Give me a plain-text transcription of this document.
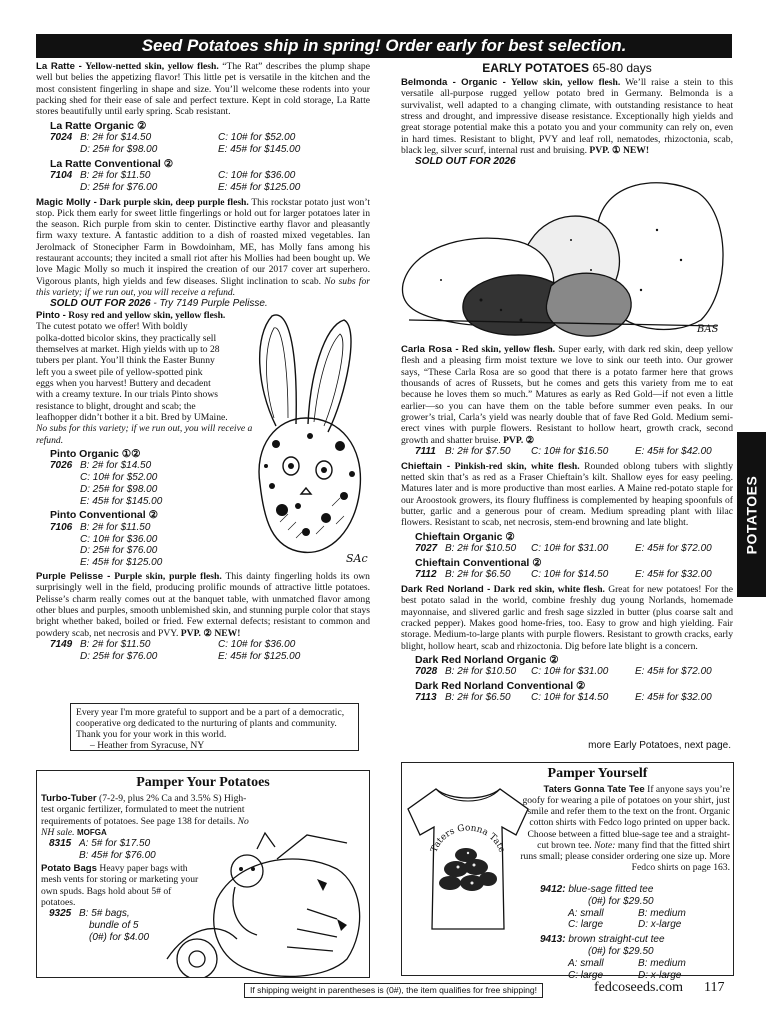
Seed Potatoes ship in spring! Order early for best selection.

La Ratte - Yellow-netted skin, yellow flesh. “The Rat” describes the plump shape well but belies the appetizing flavor! This little pet is versatile in the kitchen and the most consistent fingerling in shape and size. You’ll welcome these rodents into your packing shed for their ease of sale and perfect texture. Kept in cold storage, La Ratte stores beautifully until early spring. Scab resistant.

La Ratte Organic ②
7024 B: 2# for $14.50	C: 10# for $52.00
D: 25# for $98.00	E: 45# for $145.00
La Ratte Conventional ②
7104 B: 2# for $11.50	C: 10# for $36.00
D: 25# for $76.00	E: 45# for $125.00

Magic Molly - Dark purple skin, deep purple flesh. This rockstar potato just won’t stop. Pick them early for sweet little fingerlings or hold out for larger potatoes later in the season. Rich purple from skin to center. Distinctive earthy flavor and pleasantly firm waxy texture. A fantastic addition to a dish of roasted mixed vegetables. Ian Jerolmack of Stonecipher Farm in Bowdoinham, ME, has Molly fans among his restaurant accounts; they incited a small riot after his Mollies had been bought up. We love Magic Molly so much it inspired the creation of our 2017 cover art superhero. Vigorous plants, high yields and few diseases. Slight inclination to scab. No subs for this variety; if we run out, you will receive a refund.

SOLD OUT FOR 2026 - Try 7149 Purple Pelisse.
Pinto - Rosy red and yellow skin, yellow flesh.
The cutest potato we offer! With boldly
polka-dotted bicolor skins, they practically sell
themselves at market. High yields with up to 28
tubers per plant. You’ll think the Easter Bunny
left you a sweet pile of yellow-spotted pink
eggs when you harvest! Buttery and decadent
with a creamy texture. In our trials Pinto shows
resistance to blight, drought and scab; the
leafhopper didn’t bother it a bit. Bred by UMaine.
No subs for this variety; if we run out, you will receive a refund.
Pinto Organic ①②
7026 B: 2# for $14.50
C: 10# for $52.00
D: 25# for $98.00
E: 45# for $145.00
Pinto Conventional ②
7106 B: 2# for $11.50
C: 10# for $36.00
D: 25# for $76.00
E: 45# for $125.00	SAc

Purple Pelisse - Purple skin, purple flesh. This dainty fingerling holds its own surprisingly well in the field, producing prolific mounds of attractive little potatoes. Pelisse’s charm really comes out at the banquet table, with unmatched flavor among other blues and purples, smooth unblemished skin, and stunning purple color that stays bright whether baked, boiled or fried. Few external defects; resistant to common and powdery scab, net necrosis and PVY. PVP. ② NEW!

7149 B: 2# for $11.50	C: 10# for $36.00
D: 25# for $76.00	E: 45# for $125.00
Every year I'm more grateful to support and be a part of a democratic, cooperative org dedicated to the nurturing of plants and community. Thank you for your work in this world.
– Heather from Syracuse, NY
EARLY POTATOES 65-80 days

Belmonda - Organic - Yellow skin, yellow flesh. We’ll raise a stein to this versatile all-purpose rugged yellow potato bred in Germany. Belmonda is a survivalist, well adapted to a changing climate, with outstanding resistance to heat stress and drought, and impressive disease resistance. Exceptionally high yields and great storage potential make this a potato you and your community can rely on, even in hard times. Resistant to blight, PVY and leaf roll, nematodes, rhizoctonia, scab, black leg, silver scurf, internal rust and bruising. PVP. ① NEW!

SOLD OUT FOR 2026
BAS

Carla Rosa - Red skin, yellow flesh. Super early, with dark red skin, deep yellow flesh and a pleasing firm moist texture we love to sink our teeth into. Our grower says, “These Carla Rosa are so good that there is a potato farmer here that grows thousands of acres of Russets, but he comes and gets this variety from me to eat because he loves them so much.” Matures as early as Red Gold—if not even a little earlier—so you can have them on the table before summer even peaks. In our grower’s trial, Carla’s yield was nearly double that of fave Red Gold. Medium semi-erect vines with purple flowers. Resistant to hollow heart, growth crack, second growth and shatter bruise. PVP. ②

7111 B: 2# for $7.50	C: 10# for $16.50	E: 45# for $42.00

Chieftain - Pinkish-red skin, white flesh. Rounded oblong tubers with slightly netted skin that’s as red as a Fraser Chieftain’s kilt. Shallow eyes for easy peeling. Matures later and is more productive than most earlies. A Maine red-potato staple for our Aroostook growers, its floury fluffiness is complemented by heaping spoonfuls of butter, garlic and a generous pour of cream. Medium spreading plant with lilac flowers. Resistant to scab, net necrosis, stem-end browning and late blight.

Chieftain Organic ②
7027 B: 2# for $10.50	C: 10# for $31.00	E: 45# for $72.00
Chieftain Conventional ②
7112 B: 2# for $6.50	C: 10# for $14.50	E: 45# for $32.00

Dark Red Norland - Dark red skin, white flesh. Great for new potatoes! For the best potato salad in the world, combine freshly dug young Norlands, homemade mayonnaise, and slivered garlic and fresh sage sizzled in butter (plus coarse salt and cracked pepper). Makes good home-fries, too. Easy to grow and high yielding. Fair storage. Medium-to-large plants with purple flowers. Resistant to growth cracks, early blight, hollow heart, scab and rhizoctonia. Dig before late blight is a concern.

Dark Red Norland Organic ②
7028 B: 2# for $10.50	C: 10# for $31.00	E: 45# for $72.00
Dark Red Norland Conventional ②
7113 B: 2# for $6.50	C: 10# for $14.50	E: 45# for $32.00
more Early Potatoes, next page.
POTATOES
Pamper Your Potatoes
Turbo-Tuber (7-2-9, plus 2% Ca and 3.5% S) High-test organic fertilizer, formulated to meet the nutrient requirements of potatoes. See page 138 for details. No NH sale. MOFGA
8315 A: 5# for $17.50
B: 45# for $76.00
Potato Bags Heavy paper bags with mesh vents for storing or marketing your own spuds. Bags hold about 5# of potatoes.
9325 B: 5# bags,
bundle of 5
(0#) for $4.00
Pamper Yourself
Taters Gonna Tate
Taters Gonna Tate Tee If anyone says you’re goofy for wearing a pile of potatoes on your shirt, just smile and refer them to the text on the front. Organic cotton shirts with Fedco logo printed on upper back. Choose between a fitted blue-sage tee and a straight-cut brown tee. Note: many find that the fitted shirt runs small; please consider ordering one size up. More Fedco shirts on page 163.
9412: blue-sage fitted tee
(0#) for $29.50
A: small	B: medium
C: large	D: x-large
9413: brown straight-cut tee
(0#) for $29.50
A: small	B: medium
C: large	D: x-large
If shipping weight in parentheses is (0#), the item qualifies for free shipping!	fedcoseeds.com 117
